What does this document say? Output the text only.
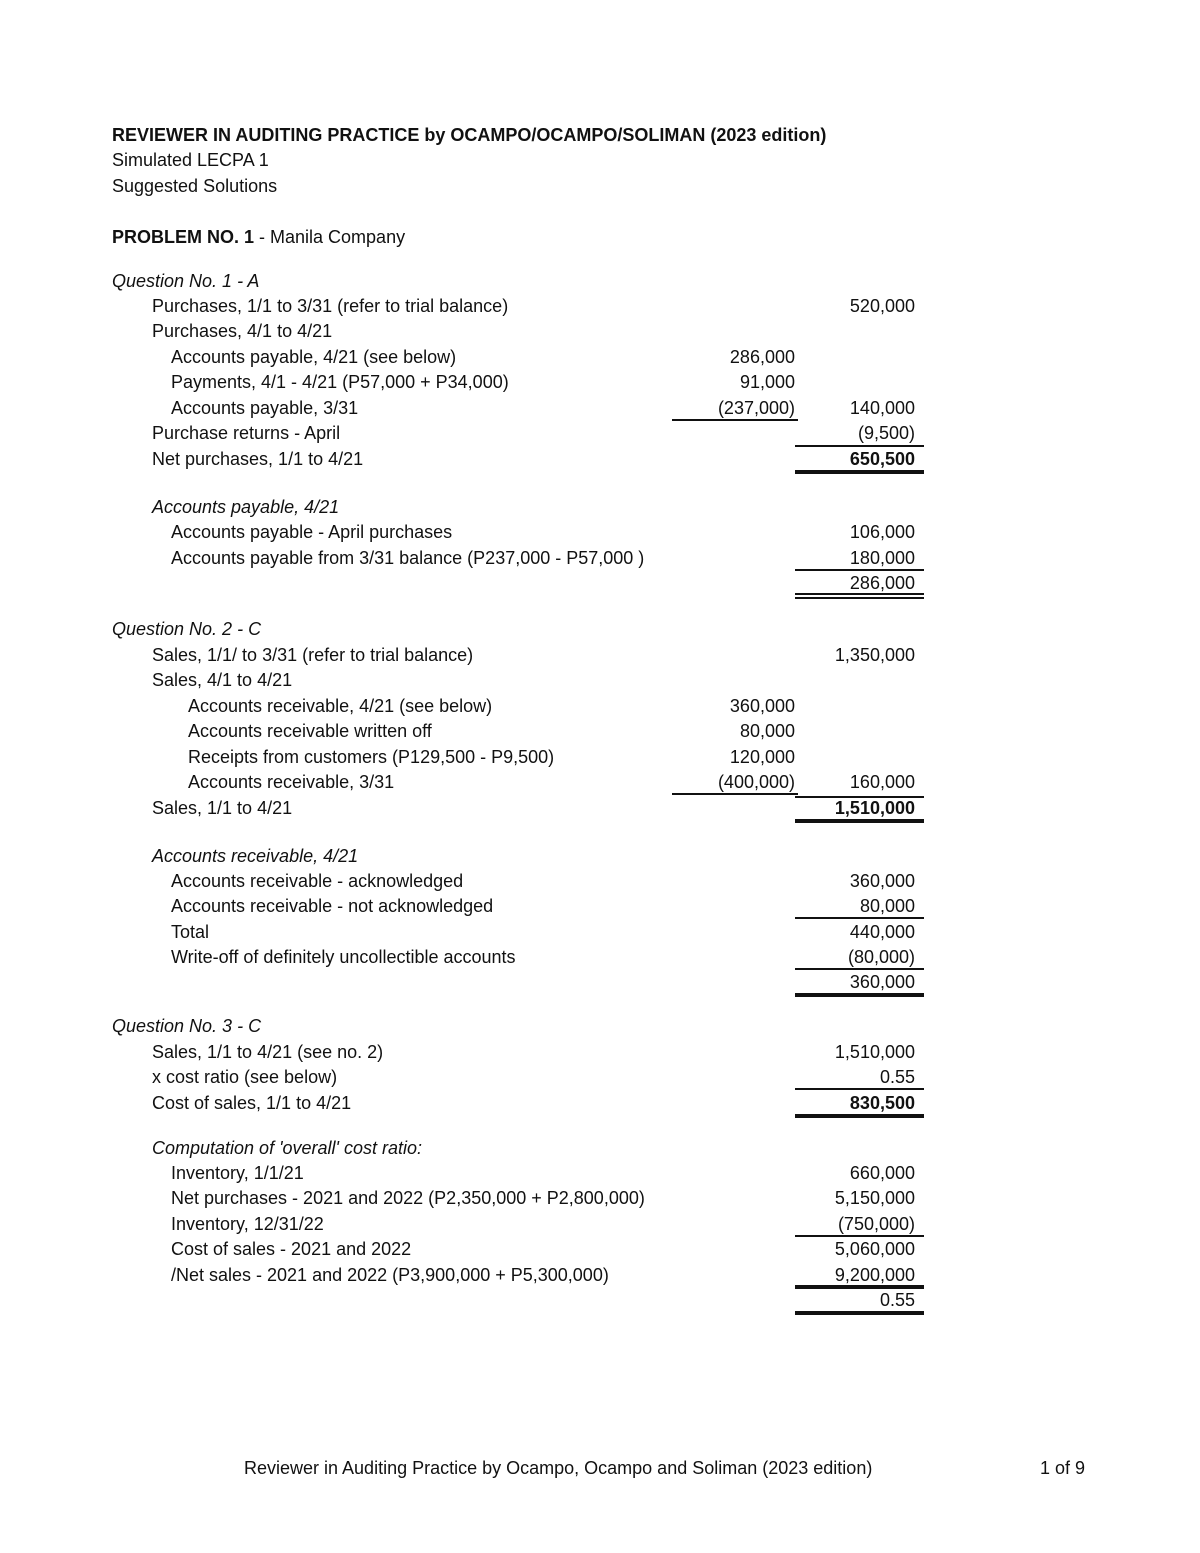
REVIEWER IN AUDITING PRACTICE by OCAMPO/OCAMPO/SOLIMAN (2023 edition)
Simulated LECPA 1
Suggested Solutions
PROBLEM NO. 1 - Manila Company
Question No. 1 - A
Purchases, 1/1 to 3/31 (refer to trial balance)	520,000
Purchases, 4/1 to 4/21
Accounts payable, 4/21 (see below)	286,000
Payments, 4/1 - 4/21 (P57,000 + P34,000)	91,000
Accounts payable, 3/31	(237,000)	140,000
Purchase returns - April	(9,500)
Net purchases, 1/1 to 4/21	650,500
Accounts payable, 4/21
Accounts payable - April purchases	106,000
Accounts payable from 3/31 balance (P237,000 - P57,000 )	180,000
286,000
Question No. 2 - C
Sales, 1/1/ to 3/31 (refer to trial balance)	1,350,000
Sales, 4/1 to 4/21
Accounts receivable, 4/21 (see below)	360,000
Accounts receivable written off	80,000
Receipts from customers (P129,500 - P9,500)	120,000
Accounts receivable, 3/31	(400,000)	160,000
Sales, 1/1 to 4/21	1,510,000
Accounts receivable, 4/21
Accounts receivable - acknowledged	360,000
Accounts receivable - not acknowledged	80,000
Total	440,000
Write-off of definitely uncollectible accounts	(80,000)
360,000
Question No. 3 - C
Sales, 1/1 to 4/21 (see no. 2)	1,510,000
x cost ratio (see below)	0.55
Cost of sales, 1/1 to 4/21	830,500
Computation of 'overall' cost ratio:
Inventory, 1/1/21	660,000
Net purchases - 2021 and 2022 (P2,350,000 + P2,800,000)	5,150,000
Inventory, 12/31/22	(750,000)
Cost of sales - 2021 and 2022	5,060,000
/Net sales - 2021 and 2022 (P3,900,000 + P5,300,000)	9,200,000
0.55
Reviewer in Auditing Practice by Ocampo, Ocampo and Soliman (2023 edition)	1 of 9
